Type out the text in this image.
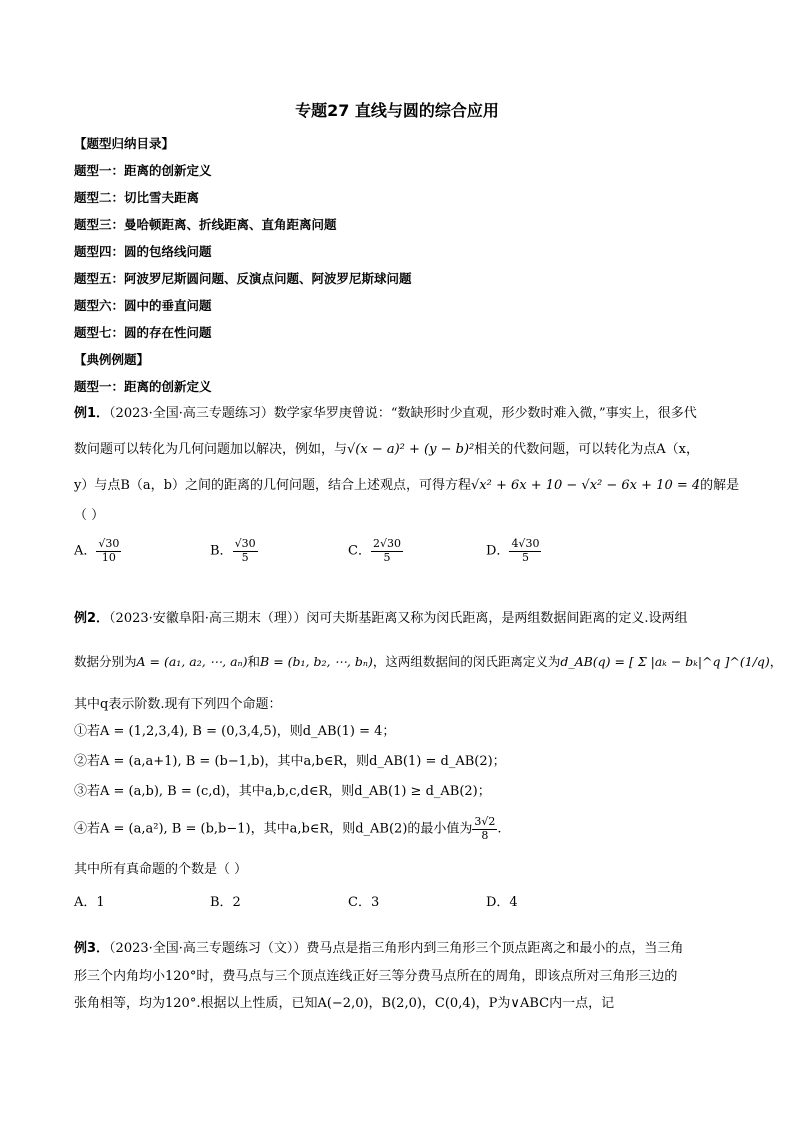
专题27 直线与圆的综合应用
【题型归纳目录】
题型一：距离的创新定义
题型二：切比雪夫距离
题型三：曼哈顿距离、折线距离、直角距离问题
题型四：圆的包络线问题
题型五：阿波罗尼斯圆问题、反演点问题、阿波罗尼斯球问题
题型六：圆中的垂直问题
题型七：圆的存在性问题
【典例例题】
题型一：距离的创新定义
例1．（2023·全国·高三专题练习）数学家华罗庚曾说：“数缺形时少直观，形少数时难入微，”事实上，很多代
数问题可以转化为几何问题加以解决，例如，与√(x − a)² + (y − b)²相关的代数问题，可以转化为点A（x，
y）与点B（a，b）之间的距离的几何问题，结合上述观点，可得方程√x² + 6x + 10 − √x² − 6x + 10 = 4的解是
（ ）
A． $\frac{√30}{10}$	B． $\frac{√30}{5}$	C． $\frac{2√30}{5}$	D． $\frac{4√30}{5}$
例2．（2023·安徽阜阳·高三期末（理））闵可夫斯基距离又称为闵氏距离，是两组数据间距离的定义.设两组
数据分别为A = (a₁, a₂, ⋯, aₙ)和B = (b₁, b₂, ⋯, bₙ)，这两组数据间的闵氏距离定义为d_AB(q) = [ Σ |aₖ − bₖ|^q ]^(1/q)，
其中q表示阶数.现有下列四个命题：
①若A = (1,2,3,4), B = (0,3,4,5)，则d_AB(1) = 4；
②若A = (a,a+1), B = (b−1,b)，其中a,b∈R，则d_AB(1) = d_AB(2)；
③若A = (a,b), B = (c,d)，其中a,b,c,d∈R，则d_AB(1) ≥ d_AB(2)；
④若A = (a,a²), B = (b,b−1)，其中a,b∈R，则d_AB(2)的最小值为 $\frac{3√2}{8}$ .
其中所有真命题的个数是（ ）
A．1	B．2	C．3	D．4
例3．（2023·全国·高三专题练习（文））费马点是指三角形内到三角形三个顶点距离之和最小的点，当三角
形三个内角均小120°时，费马点与三个顶点连线正好三等分费马点所在的周角，即该点所对三角形三边的
张角相等，均为120°.根据以上性质，已知A(−2,0)，B(2,0)，C(0,4)，P为∨ABC内一点，记
